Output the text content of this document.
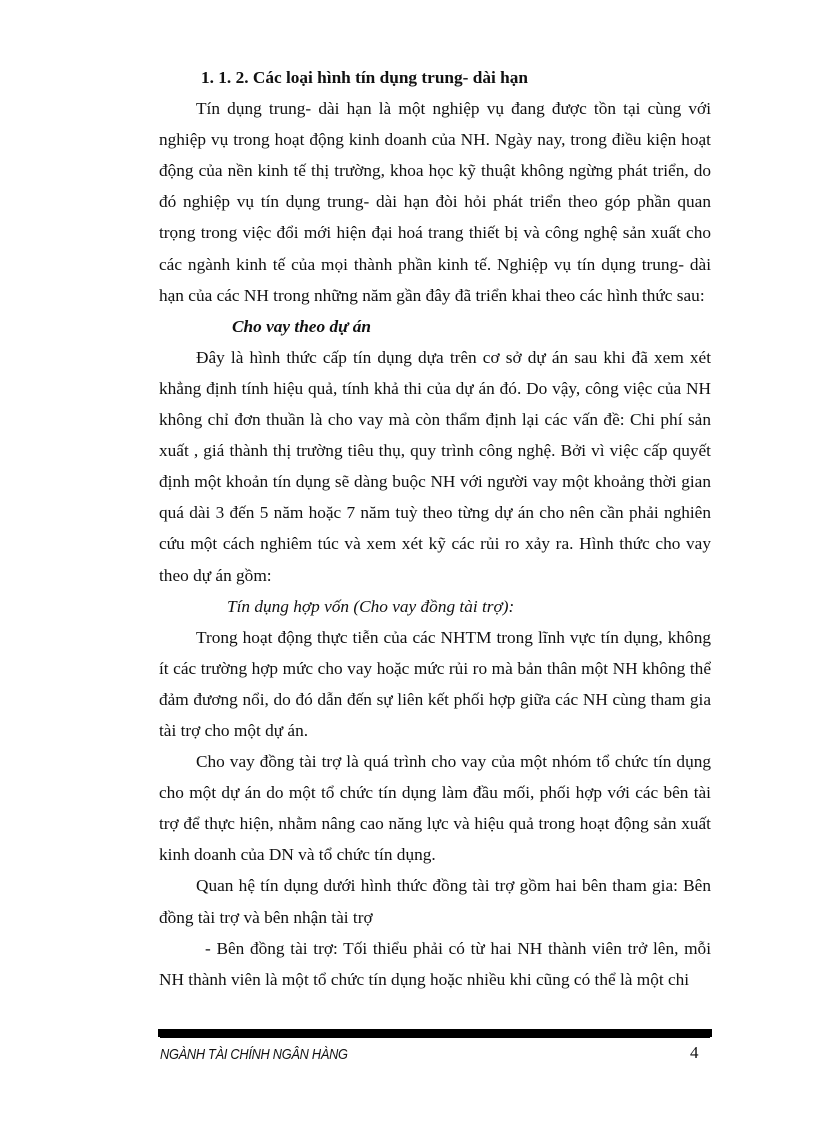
1. 1. 2. Các loại hình tín dụng trung- dài hạn

Tín dụng trung- dài hạn là một nghiệp vụ đang được tồn tại cùng với nghiệp vụ trong hoạt động kinh doanh của NH. Ngày nay, trong điều kiện hoạt động của nền kinh tế thị trường, khoa học kỹ thuật không ngừng phát triển, do đó nghiệp vụ tín dụng trung- dài hạn đòi hỏi phát triển theo góp phần quan trọng trong việc đổi mới hiện đại hoá trang thiết bị và công nghệ sản xuất cho các ngành kinh tế của mọi thành phần kinh tế. Nghiệp vụ tín dụng trung- dài hạn của các NH trong những năm gần đây đã triển khai theo các hình thức sau:

Cho vay theo dự án

Đây là hình thức cấp tín dụng dựa trên cơ sở dự án sau khi đã xem xét khẳng định tính hiệu quả, tính khả thi của dự án đó. Do vậy, công việc của NH không chỉ đơn thuần là cho vay mà còn thẩm định lại các vấn đề: Chi phí sản xuất , giá thành thị trường tiêu thụ, quy trình công nghệ. Bởi vì việc cấp quyết định một khoản tín dụng sẽ dàng buộc NH với người vay một khoảng thời gian quá dài 3 đến 5 năm hoặc 7 năm tuỳ theo từng dự án cho nên cần phải nghiên cứu một cách nghiêm túc và xem xét kỹ các rủi ro xảy ra. Hình thức cho vay theo dự án gồm:

Tín dụng hợp vốn (Cho vay đồng tài trợ):

Trong hoạt động thực tiễn của các NHTM trong lĩnh vực tín dụng, không ít các trường hợp mức cho vay hoặc mức rủi ro mà bản thân một NH không thể đảm đương nổi, do đó dẫn đến sự liên kết phối hợp giữa các NH cùng tham gia tài trợ cho một dự án.

Cho vay đồng tài trợ là quá trình cho vay của một nhóm tổ chức tín dụng cho một dự án do một tổ chức tín dụng làm đầu mối, phối hợp với các bên tài trợ để thực hiện, nhằm nâng cao năng lực và hiệu quả trong hoạt động sản xuất kinh doanh của DN và tổ chức tín dụng.

Quan hệ tín dụng dưới hình thức đồng tài trợ gồm hai bên tham gia: Bên đồng tài trợ và bên nhận tài trợ

- Bên đồng tài trợ: Tối thiểu phải có từ hai NH thành viên trở lên, mỗi NH thành viên là một tổ chức tín dụng hoặc nhiều khi cũng có thể là một chi

NGÀNH TÀI CHÍNH NGÂN HÀNG	4
